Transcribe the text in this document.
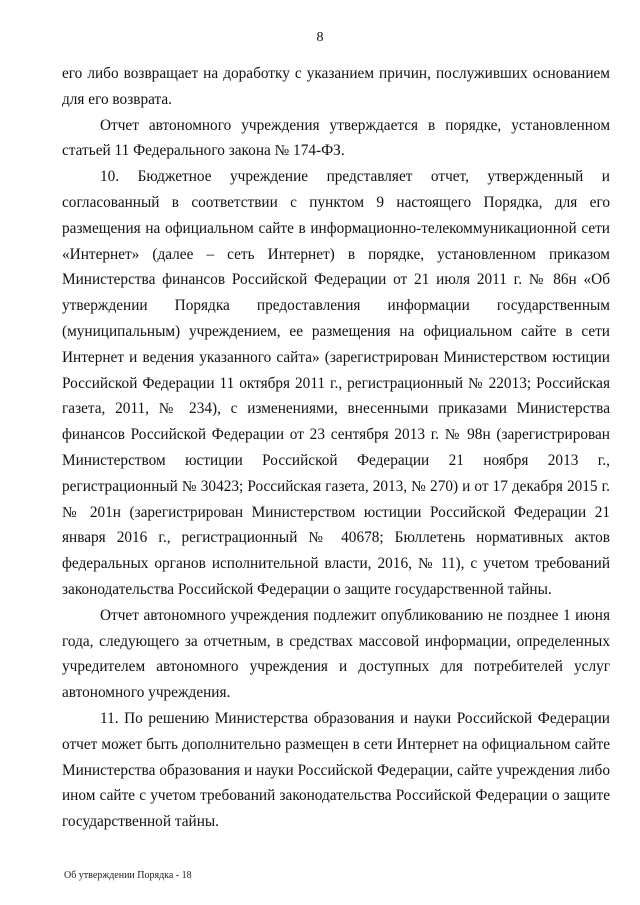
8

его либо возвращает на доработку с указанием причин, послуживших основанием для его возврата.

Отчет автономного учреждения утверждается в порядке, установленном статьей 11 Федерального закона № 174-ФЗ.

10. Бюджетное учреждение представляет отчет, утвержденный и согласованный в соответствии с пунктом 9 настоящего Порядка, для его размещения на официальном сайте в информационно-телекоммуникационной сети «Интернет» (далее – сеть Интернет) в порядке, установленном приказом Министерства финансов Российской Федерации от 21 июля 2011 г. № 86н «Об утверждении Порядка предоставления информации государственным (муниципальным) учреждением, ее размещения на официальном сайте в сети Интернет и ведения указанного сайта» (зарегистрирован Министерством юстиции Российской Федерации 11 октября 2011 г., регистрационный № 22013; Российская газета, 2011, № 234), с изменениями, внесенными приказами Министерства финансов Российской Федерации от 23 сентября 2013 г. № 98н (зарегистрирован Министерством юстиции Российской Федерации 21 ноября 2013 г., регистрационный № 30423; Российская газета, 2013, № 270) и от 17 декабря 2015 г. № 201н (зарегистрирован Министерством юстиции Российской Федерации 21 января 2016 г., регистрационный № 40678; Бюллетень нормативных актов федеральных органов исполнительной власти, 2016, № 11), с учетом требований законодательства Российской Федерации о защите государственной тайны.

Отчет автономного учреждения подлежит опубликованию не позднее 1 июня года, следующего за отчетным, в средствах массовой информации, определенных учредителем автономного учреждения и доступных для потребителей услуг автономного учреждения.

11. По решению Министерства образования и науки Российской Федерации отчет может быть дополнительно размещен в сети Интернет на официальном сайте Министерства образования и науки Российской Федерации, сайте учреждения либо ином сайте с учетом требований законодательства Российской Федерации о защите государственной тайны.

Об утверждении Порядка - 18
